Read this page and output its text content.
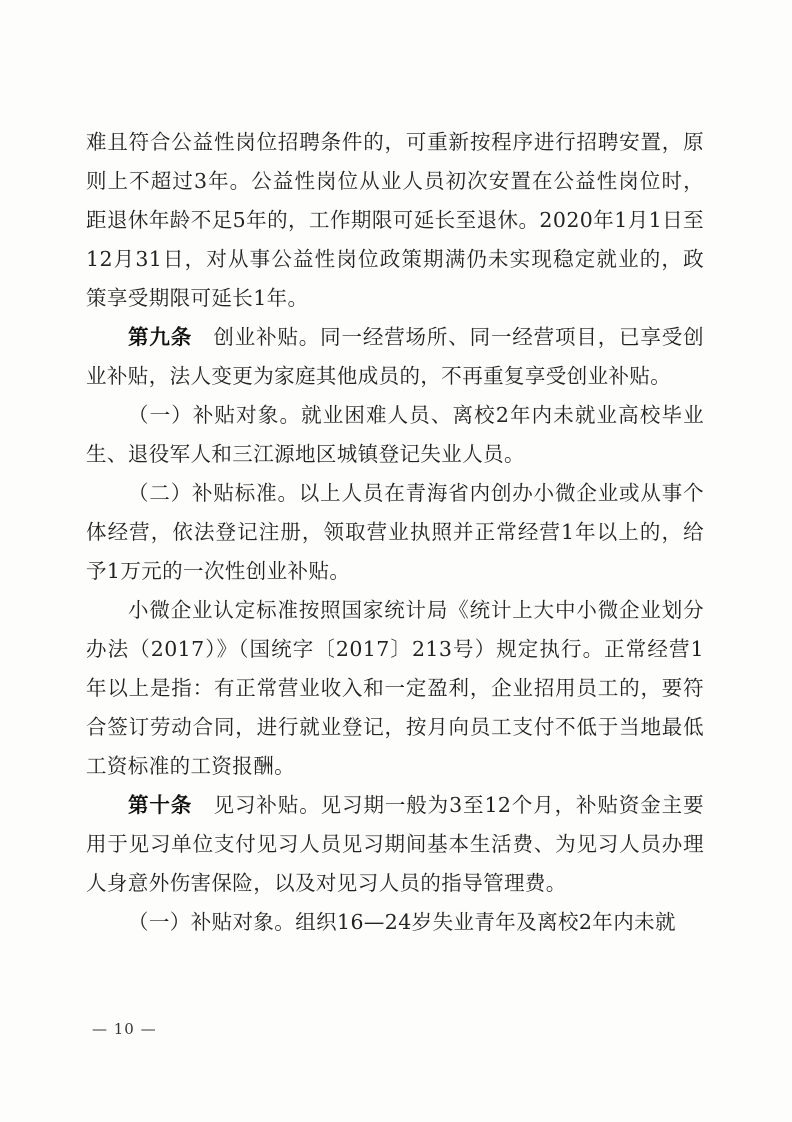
难且符合公益性岗位招聘条件的，可重新按程序进行招聘安置，原则上不超过3年。公益性岗位从业人员初次安置在公益性岗位时，距退休年龄不足5年的，工作期限可延长至退休。2020年1月1日至12月31日，对从事公益性岗位政策期满仍未实现稳定就业的，政策享受期限可延长1年。

第九条　创业补贴。同一经营场所、同一经营项目，已享受创业补贴，法人变更为家庭其他成员的，不再重复享受创业补贴。

（一）补贴对象。就业困难人员、离校2年内未就业高校毕业生、退役军人和三江源地区城镇登记失业人员。

（二）补贴标准。以上人员在青海省内创办小微企业或从事个体经营，依法登记注册，领取营业执照并正常经营1年以上的，给予1万元的一次性创业补贴。

小微企业认定标准按照国家统计局《统计上大中小微企业划分办法（2017）》（国统字〔2017〕213号）规定执行。正常经营1年以上是指：有正常营业收入和一定盈利，企业招用员工的，要符合签订劳动合同，进行就业登记，按月向员工支付不低于当地最低工资标准的工资报酬。

第十条　见习补贴。见习期一般为3至12个月，补贴资金主要用于见习单位支付见习人员见习期间基本生活费、为见习人员办理人身意外伤害保险，以及对见习人员的指导管理费。

（一）补贴对象。组织16—24岁失业青年及离校2年内未就

— 10 —
